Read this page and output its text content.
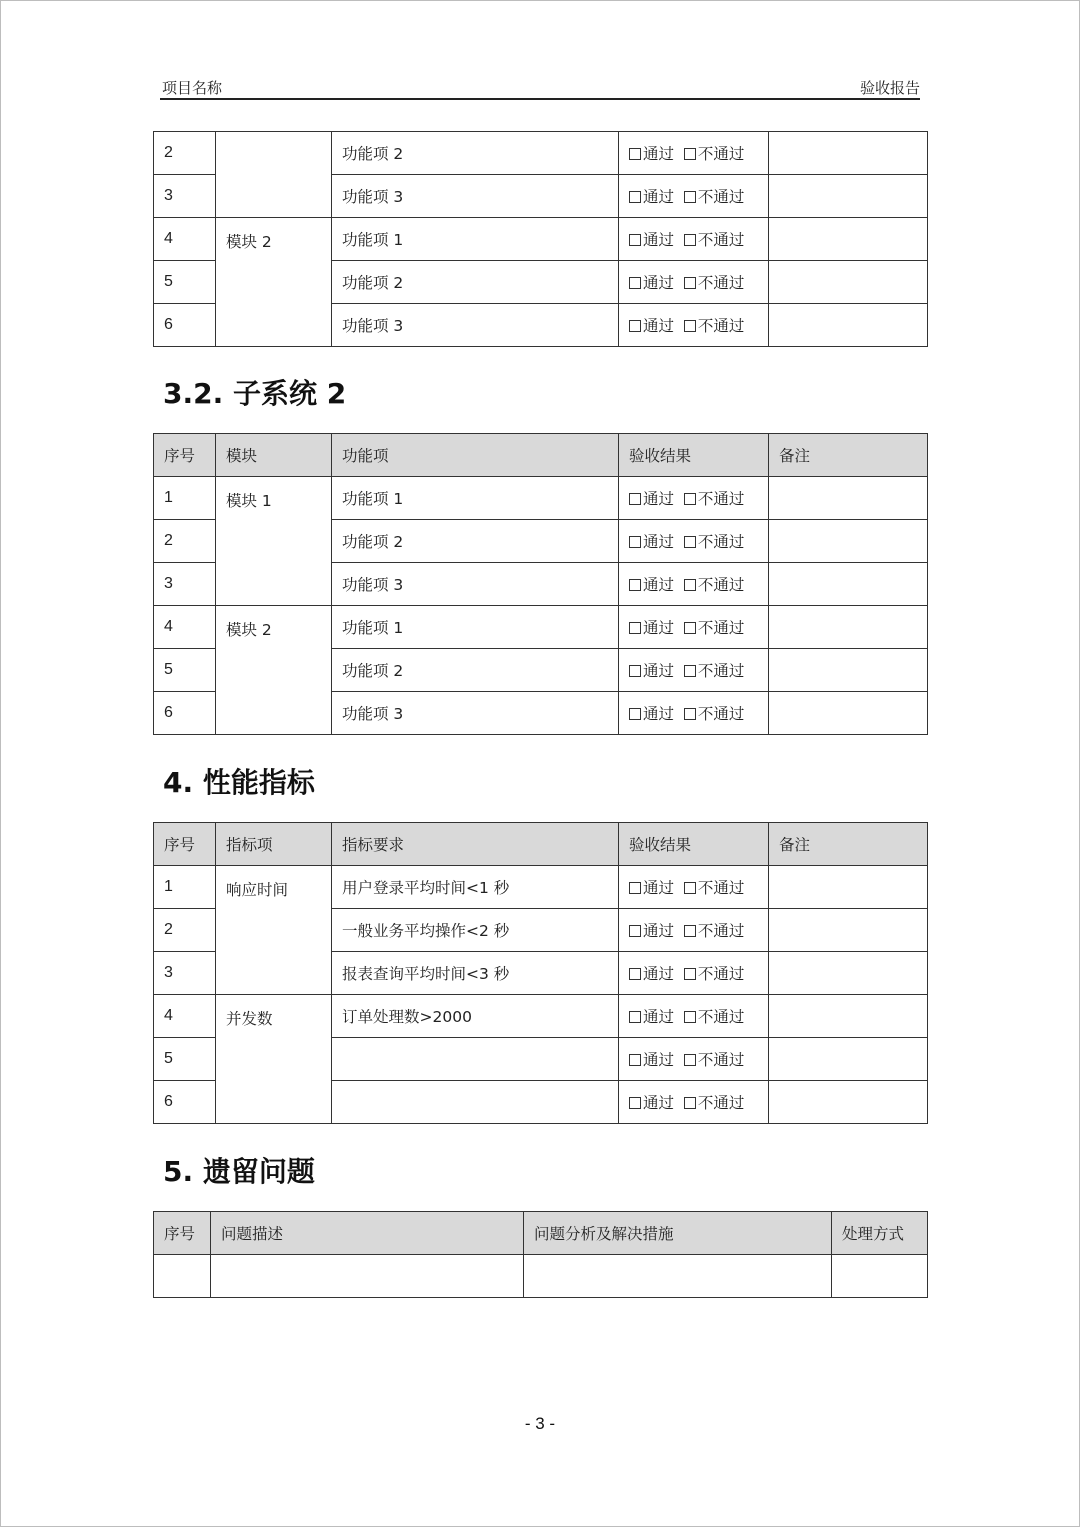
项目名称	验收报告
2		功能项 2	通过 不通过	
3		功能项 3	通过 不通过	
4	模块 2	功能项 1	通过 不通过	
5		功能项 2	通过 不通过	
6		功能项 3	通过 不通过	
3.2. 子系统 2
序号	模块	功能项	验收结果	备注
1	模块 1	功能项 1	通过 不通过	
2		功能项 2	通过 不通过	
3		功能项 3	通过 不通过	
4	模块 2	功能项 1	通过 不通过	
5		功能项 2	通过 不通过	
6		功能项 3	通过 不通过	
4. 性能指标
序号	指标项	指标要求	验收结果	备注
1	响应时间	用户登录平均时间<1 秒	通过 不通过	
2		一般业务平均操作<2 秒	通过 不通过	
3		报表查询平均时间<3 秒	通过 不通过	
4	并发数	订单处理数>2000	通过 不通过	
5			通过 不通过	
6			通过 不通过	
5. 遗留问题
序号	问题描述	问题分析及解决措施	处理方式

- 3 -
